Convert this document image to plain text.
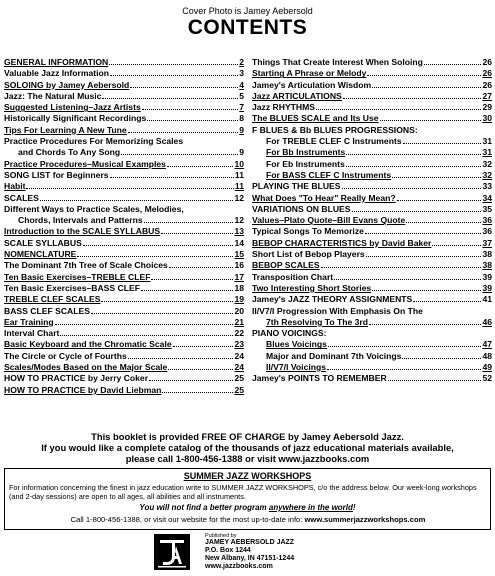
Cover Photo is Jamey Aebersold
CONTENTS
GENERAL INFORMATION	2
Valuable Jazz Information	3
SOLOING by Jamey Aebersold	4
Jazz: The Natural Music	5
Suggested Listening–Jazz Artists	7
Historically Significant Recordings	8
Tips For Learning A New Tune	9
Practice Procedures For Memorizing Scales
and Chords To Any Song	9
Practice Procedures–Musical Examples	10
SONG LIST for Beginners	11
Habit	11
SCALES	12
Different Ways to Practice Scales, Melodies,
Chords, Intervals and Patterns	12
Introduction to the SCALE SYLLABUS	13
SCALE SYLLABUS	14
NOMENCLATURE	15
The Dominant 7th Tree of Scale Choices	16
Ten Basic Exercises–TREBLE CLEF	17
Ten Basic Exercises–BASS CLEF	18
TREBLE CLEF SCALES	19
BASS CLEF SCALES	20
Ear Training	21
Interval Chart	22
Basic Keyboard and the Chromatic Scale	23
The Circle or Cycle of Fourths	24
Scales/Modes Based on the Major Scale	24
HOW TO PRACTICE by Jerry Coker	25
HOW TO PRACTICE by David Liebman	25
Things That Create Interest When Soloing	26
Starting A Phrase or Melody	26
Jamey's Articulation Wisdom	26
Jazz ARTICULATIONS	27
Jazz RHYTHMS	29
The BLUES SCALE and Its Use	30
F BLUES & Bb BLUES PROGRESSIONS:
For TREBLE CLEF C Instruments	31
For Bb Instruments	31
For Eb Instruments	32
For BASS CLEF C Instruments	32
PLAYING THE BLUES	33
What Does "To Hear" Really Mean?	34
VARIATIONS ON BLUES	35
Values–Plato Quote–Bill Evans Quote	36
Typical Songs To Memorize	36
BEBOP CHARACTERISTICS by David Baker	37
Short List of Bebop Players	38
BEBOP SCALES	38
Transposition Chart	39
Two Interesting Short Stories	39
Jamey's JAZZ THEORY ASSIGNMENTS	41
II/V7/I Progression With Emphasis On The
7th Resolving To The 3rd	46
PIANO VOICINGS:
Blues Voicings	47
Major and Dominant 7th Voicings	48
II/V7/I Voicings	49
Jamey's POINTS TO REMEMBER	52
This booklet is provided FREE OF CHARGE by Jamey Aebersold Jazz.
If you would like a complete catalog of the thousands of jazz educational materials available,
please call 1-800-456-1388 or visit www.jazzbooks.com
SUMMER JAZZ WORKSHOPS
For information concerning the finest in jazz education write to SUMMER JAZZ WORKSHOPS, c/o the address below. Our week-long workshops (and 2-day sessions) are open to all ages, all abilities and all instruments.
You will not find a better program anywhere in the world!
Call 1-800-456-1388, or visit our website for the most up-to-date info: www.summerjazzworkshops.com
Published by
JAMEY AEBERSOLD JAZZ
P.O. Box 1244
New Albany, IN 47151-1244
www.jazzbooks.com
